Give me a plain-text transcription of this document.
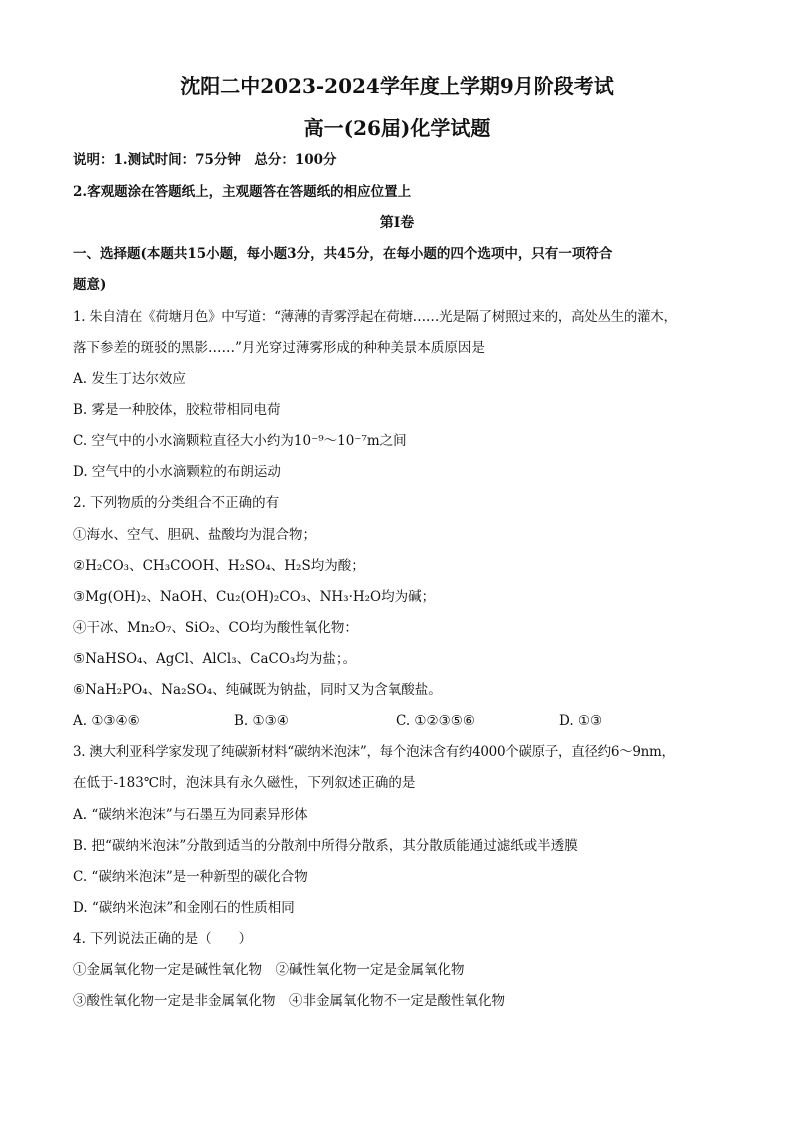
沈阳二中2023-2024学年度上学期9月阶段考试
高一(26届)化学试题
说明：1.测试时间：75分钟　总分：100分
2.客观题涂在答题纸上，主观题答在答题纸的相应位置上
第Ⅰ卷
一、选择题(本题共15小题，每小题3分，共45分，在每小题的四个选项中，只有一项符合
题意)
1. 朱自清在《荷塘月色》中写道：“薄薄的青雾浮起在荷塘……光是隔了树照过来的，高处丛生的灌木，
落下参差的斑驳的黑影……”月光穿过薄雾形成的种种美景本质原因是
A. 发生丁达尔效应
B. 雾是一种胶体，胶粒带相同电荷
C. 空气中的小水滴颗粒直径大小约为10⁻⁹～10⁻⁷m之间
D. 空气中的小水滴颗粒的布朗运动
2. 下列物质的分类组合不正确的有
①海水、空气、胆矾、盐酸均为混合物；
②H₂CO₃、CH₃COOH、H₂SO₄、H₂S均为酸；
③Mg(OH)₂、NaOH、Cu₂(OH)₂CO₃、NH₃·H₂O均为碱；
④干冰、Mn₂O₇、SiO₂、CO均为酸性氧化物：
⑤NaHSO₄、AgCl、AlCl₃、CaCO₃均为盐；。
⑥NaH₂PO₄、Na₂SO₄、纯碱既为钠盐，同时又为含氧酸盐。
A. ①③④⑥	B. ①③④	C. ①②③⑤⑥	D. ①③
3. 澳大利亚科学家发现了纯碳新材料“碳纳米泡沫”，每个泡沫含有约4000个碳原子，直径约6～9nm，
在低于-183℃时，泡沫具有永久磁性，下列叙述正确的是
A. “碳纳米泡沫”与石墨互为同素异形体
B. 把“碳纳米泡沫”分散到适当的分散剂中所得分散系，其分散质能通过滤纸或半透膜
C. “碳纳米泡沫”是一种新型的碳化合物
D. “碳纳米泡沫”和金刚石的性质相同
4. 下列说法正确的是（　　）
①金属氧化物一定是碱性氧化物　②碱性氧化物一定是金属氧化物
③酸性氧化物一定是非金属氧化物　④非金属氧化物不一定是酸性氧化物
